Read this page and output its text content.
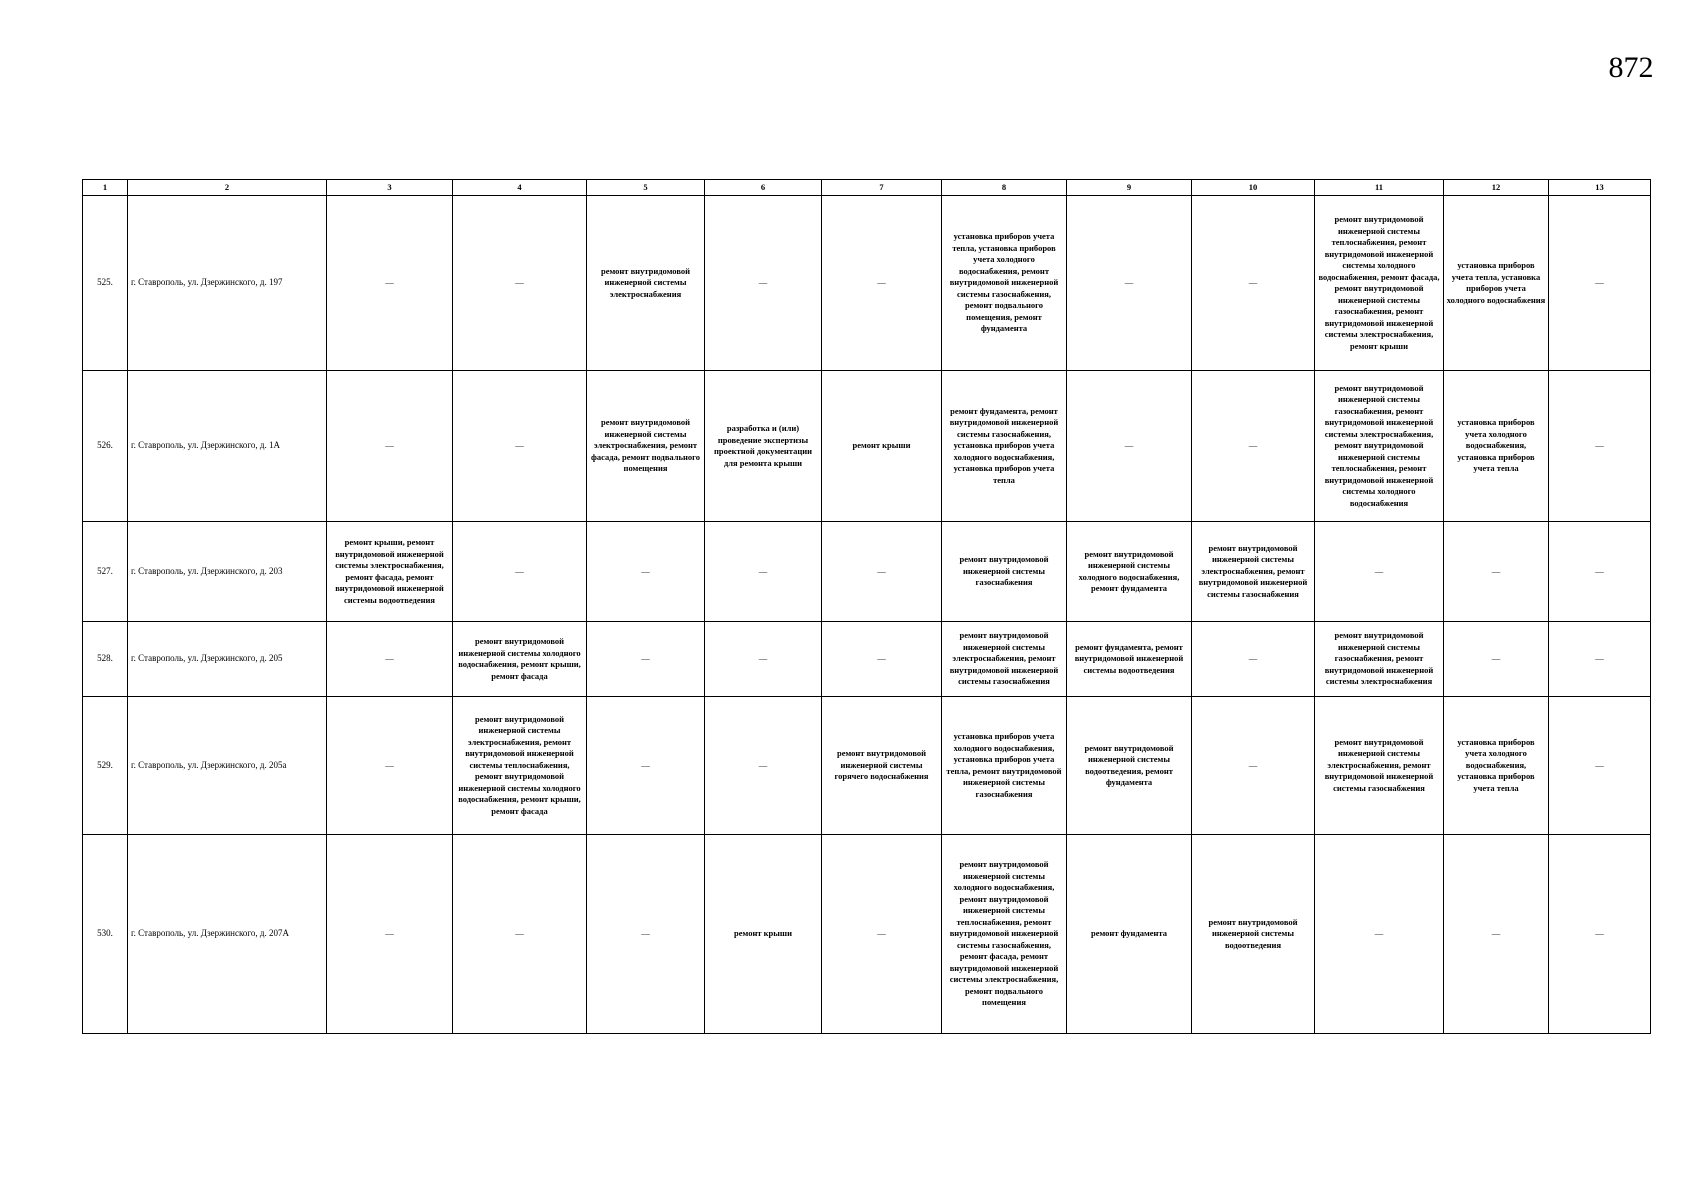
872
1	2	3	4	5	6	7	8	9	10	11	12	13
525.	г. Ставрополь, ул. Дзержинского, д. 197	—	—	ремонт внутридомовой инженерной системы электроснабжения	—	—	установка приборов учета тепла, установка приборов учета холодного водоснабжения, ремонт внутридомовой инженерной системы газоснабжения, ремонт подвального помещения, ремонт фундамента	—	—	ремонт внутридомовой инженерной системы теплоснабжения, ремонт внутридомовой инженерной системы холодного водоснабжения, ремонт фасада, ремонт внутридомовой инженерной системы газоснабжения, ремонт внутридомовой инженерной системы электроснабжения, ремонт крыши	установка приборов учета тепла, установка приборов учета холодного водоснабжения	—
526.	г. Ставрополь, ул. Дзержинского, д. 1А	—	—	ремонт внутридомовой инженерной системы электроснабжения, ремонт фасада, ремонт подвального помещения	разработка и (или) проведение экспертизы проектной документации для ремонта крыши	ремонт крыши	ремонт фундамента, ремонт внутридомовой инженерной системы газоснабжения, установка приборов учета холодного водоснабжения, установка приборов учета тепла	—	—	ремонт внутридомовой инженерной системы газоснабжения, ремонт внутридомовой инженерной системы электроснабжения, ремонт внутридомовой инженерной системы теплоснабжения, ремонт внутридомовой инженерной системы холодного водоснабжения	установка приборов учета холодного водоснабжения, установка приборов учета тепла	—
527.	г. Ставрополь, ул. Дзержинского, д. 203	ремонт крыши, ремонт внутридомовой инженерной системы электроснабжения, ремонт фасада, ремонт внутридомовой инженерной системы водоотведения	—	—	—	—	ремонт внутридомовой инженерной системы газоснабжения	ремонт внутридомовой инженерной системы холодного водоснабжения, ремонт фундамента	ремонт внутридомовой инженерной системы электроснабжения, ремонт внутридомовой инженерной системы газоснабжения	—	—	—
528.	г. Ставрополь, ул. Дзержинского, д. 205	—	ремонт внутридомовой инженерной системы холодного водоснабжения, ремонт крыши, ремонт фасада	—	—	—	ремонт внутридомовой инженерной системы электроснабжения, ремонт внутридомовой инженерной системы газоснабжения	ремонт фундамента, ремонт внутридомовой инженерной системы водоотведения	—	ремонт внутридомовой инженерной системы газоснабжения, ремонт внутридомовой инженерной системы электроснабжения	—	—
529.	г. Ставрополь, ул. Дзержинского, д. 205а	—	ремонт внутридомовой инженерной системы электроснабжения, ремонт внутридомовой инженерной системы теплоснабжения, ремонт внутридомовой инженерной системы холодного водоснабжения, ремонт крыши, ремонт фасада	—	—	ремонт внутридомовой инженерной системы горячего водоснабжения	установка приборов учета холодного водоснабжения, установка приборов учета тепла, ремонт внутридомовой инженерной системы газоснабжения	ремонт внутридомовой инженерной системы водоотведения, ремонт фундамента	—	ремонт внутридомовой инженерной системы электроснабжения, ремонт внутридомовой инженерной системы газоснабжения	установка приборов учета холодного водоснабжения, установка приборов учета тепла	—
530.	г. Ставрополь, ул. Дзержинского, д. 207А	—	—	—	ремонт крыши	—	ремонт внутридомовой инженерной системы холодного водоснабжения, ремонт внутридомовой инженерной системы теплоснабжения, ремонт внутридомовой инженерной системы газоснабжения, ремонт фасада, ремонт внутридомовой инженерной системы электроснабжения, ремонт подвального помещения	ремонт фундамента	ремонт внутридомовой инженерной системы водоотведения	—	—	—
